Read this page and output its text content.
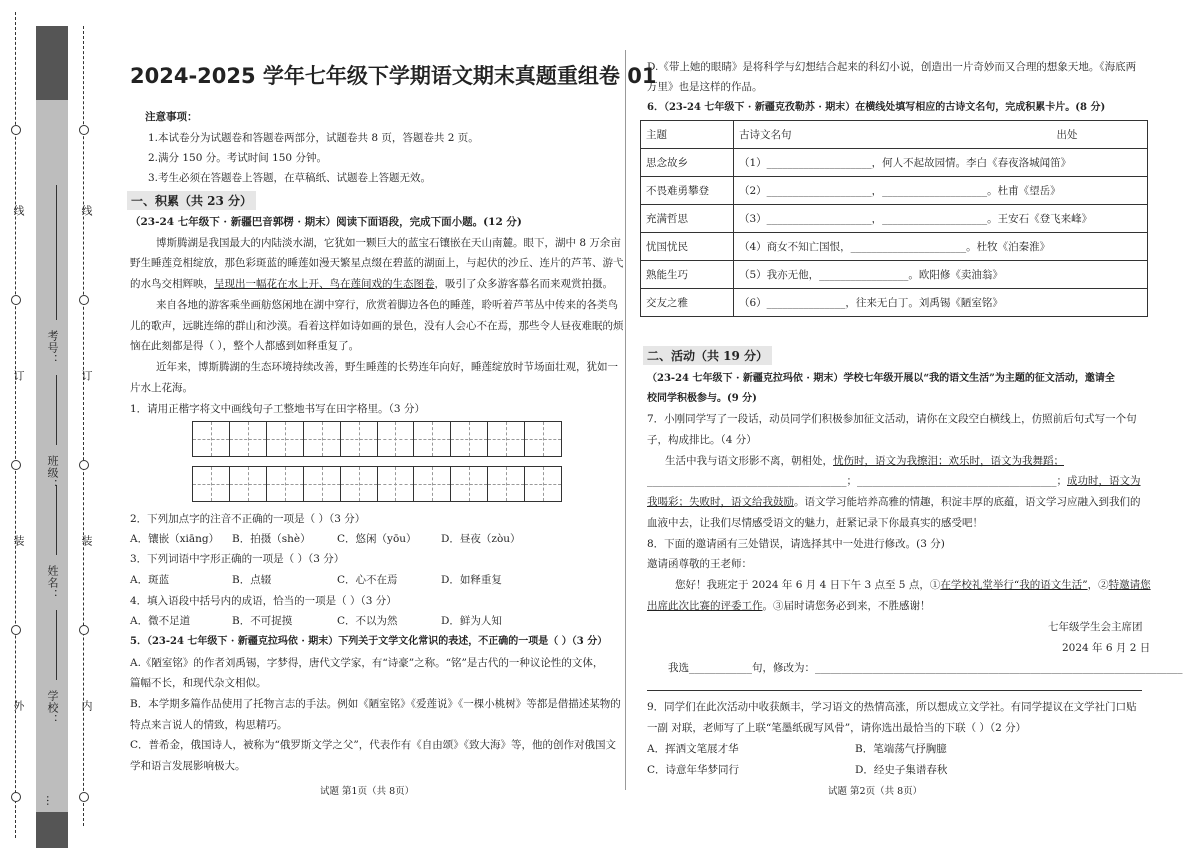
外
装
订
线
内
装
订
线
学校：
姓名：
班级：
考号：
…
2024-2025 学年七年级下学期语文期末真题重组卷 01
注意事项：
1.本试卷分为试题卷和答题卷两部分，试题卷共 8 页，答题卷共 2 页。
2.满分 150 分。考试时间 150 分钟。
3.考生必须在答题卷上答题，在草稿纸、试题卷上答题无效。
一、积累（共 23 分）
（23-24 七年级下 · 新疆巴音郭楞 · 期末）阅读下面语段，完成下面小题。(12 分)
博斯腾湖是我国最大的内陆淡水湖，它犹如一颗巨大的蓝宝石镶嵌在天山南麓。眼下，湖中 8 万余亩
野生睡莲竞相绽放，那色彩斑蓝的睡莲如漫天繁星点缀在碧蓝的湖面上，与起伏的沙丘、连片的芦苇、游弋
的水鸟交相辉映，呈现出一幅花在水上开、鸟在莲间戏的生态图卷，吸引了众多游客慕名而来观赏拍摄。
来自各地的游客乘坐画舫悠闲地在湖中穿行，欣赏着脚边各色的睡莲，聆听着芦苇丛中传来的各类鸟
儿的歌声，远眺连绵的群山和沙漠。看着这样如诗如画的景色，没有人会心不在焉，那些令人昼夜难眠的烦
恼在此刻都是得（ ），整个人都感到如释重复了。
近年来，博斯腾湖的生态环境持续改善，野生睡莲的长势连年向好，睡莲绽放时节场面壮观，犹如一
片水上花海。
1．请用正楷字将文中画线句子工整地书写在田字格里。（3 分）
2．下列加点字的注音不正确的一项是（ ）（3 分）
A．镶嵌（xiāng） B．拍摄（shè）	C．悠闲（yōu） D．昼夜（zòu）
3．下列词语中字形正确的一项是（ ）（3 分）
A．斑蓝	B．点辍	C．心不在焉	D．如释重复
4．填入语段中括号内的成语，恰当的一项是（ ）（3 分）
A．微不足道	B．不可捉摸	C．不以为然	D．鲜为人知
5．（23-24 七年级下 · 新疆克拉玛依 · 期末）下列关于文学文化常识的表述，不正确的一项是（ ）（3 分）
A.《陋室铭》的作者刘禹锡，字梦得，唐代文学家，有“诗豪”之称。“铭”是古代的一种议论性的文体，
篇幅不长，和现代杂文相似。
B．本学期多篇作品使用了托物言志的手法。例如《陋室铭》《爱莲说》《一棵小桃树》等都是借描述某物的
特点来言说人的情致，构思精巧。
C．普希金，俄国诗人，被称为“俄罗斯文学之父”，代表作有《自由颂》《致大海》等，他的创作对俄国文
学和语言发展影响极大。
试题 第1页（共 8页）
D.《带上她的眼睛》是将科学与幻想结合起来的科幻小说，创造出一片奇妙而又合理的想象天地。《海底两
万里》也是这样的作品。
6．（23-24 七年级下 · 新疆克孜勒苏 · 期末）在横线处填写相应的古诗文名句，完成积累卡片。(8 分)
主题	古诗文名句 出处
思念故乡	（1）____________________，何人不起故园情。李白《春夜洛城闻笛》
不畏难勇攀登	（2）____________________，____________________。杜甫《望岳》
充满哲思	（3）____________________，____________________。王安石《登飞来峰》
忧国忧民	（4）商女不知亡国恨，______________________。杜牧《泊秦淮》
熟能生巧	（5）我亦无他，_________________。欧阳修《卖油翁》
交友之雅	（6）_______________，往来无白丁。刘禹锡《陋室铭》
二、活动（共 19 分）
（23-24 七年级下 · 新疆克拉玛依 · 期末）学校七年级开展以“我的语文生活”为主题的征文活动，邀请全
校同学积极参与。(9 分)
7．小刚同学写了一段话，动员同学们积极参加征文活动，请你在文段空白横线上，仿照前后句式写一个句
子，构成排比。（4 分）
生活中我与语文形影不离，朝相处，忧伤时，语文为我擦泪；欢乐时，语文为我舞蹈；
______________________________________；______________________________________；成功时，语文为
我喝彩；失败时，语文给我鼓励。语文学习能培养高雅的情趣，积淀丰厚的底蕴，语文学习应融入到我们的
血液中去，让我们尽情感受语文的魅力，赶紧记录下你最真实的感受吧！
8．下面的邀请函有三处错误，请选择其中一处进行修改。(3 分)
邀请函尊敬的王老师：
您好！我班定于 2024 年 6 月 4 日下午 3 点至 5 点，①在学校礼堂举行“我的语文生活”，②特邀请您
出席此次比赛的评委工作。③届时请您务必到来，不胜感谢！
七年级学生会主席团
2024 年 6 月 2 日
我选____________句，修改为：______________________________________________________________________
9．同学们在此次活动中收获颇丰，学习语文的热情高涨，所以想成立文学社。有同学提议在文学社门口贴
一副 对联，老师写了上联“笔墨纸砚写风骨”，请你选出最恰当的下联（ ）（2 分）
A．挥洒文笔展才华	B．笔端荡气抒胸臆
C．诗意年华梦同行	D．经史子集谱春秋
试题 第2页（共 8页）
